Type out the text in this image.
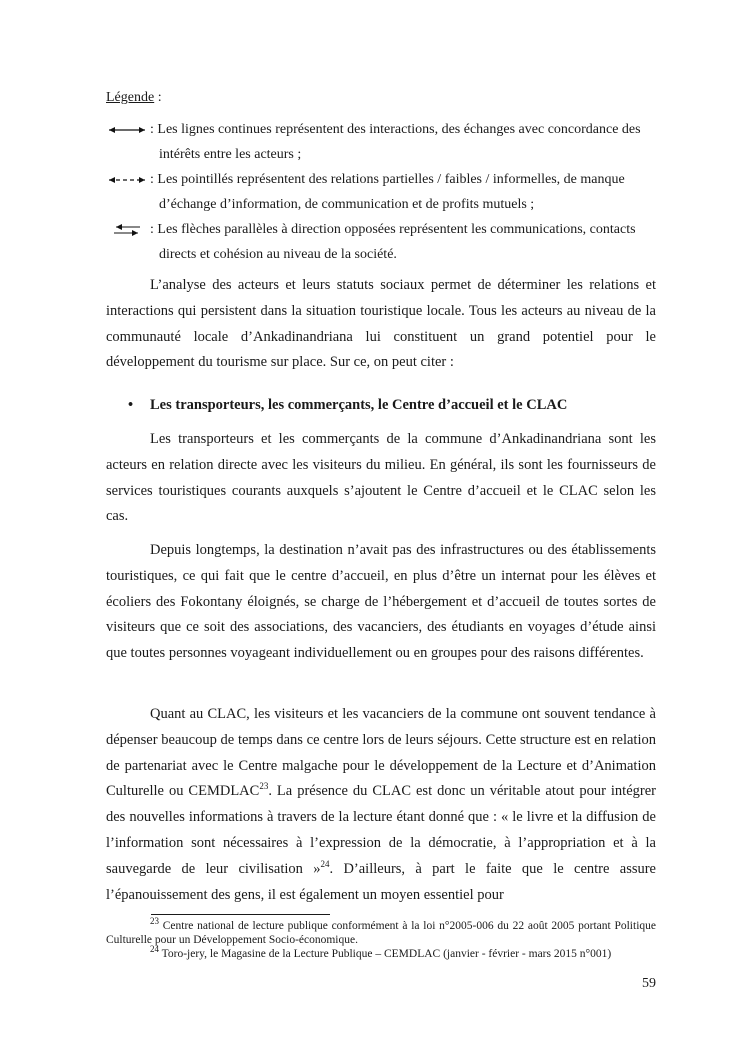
Légende :
: Les lignes continues représentent des interactions, des échanges avec concordance des
intérêts entre les acteurs ;
: Les pointillés représentent des relations partielles / faibles / informelles, de manque
d’échange d’information, de communication et de profits mutuels ;
: Les flèches parallèles à direction opposées représentent les communications, contacts
directs et cohésion au niveau de la société.

L’analyse des acteurs et leurs statuts sociaux permet de déterminer les relations et interactions qui persistent dans la situation touristique locale. Tous les acteurs au niveau de la communauté locale d’Ankadinandriana lui constituent un grand potentiel pour le développement du tourisme sur place. Sur ce, on peut citer :

• Les transporteurs, les commerçants, le Centre d’accueil et le CLAC

Les transporteurs et les commerçants de la commune d’Ankadinandriana sont les acteurs en relation directe avec les visiteurs du milieu. En général, ils sont les fournisseurs de services touristiques courants auxquels s’ajoutent le Centre d’accueil et le CLAC selon les cas.

Depuis longtemps, la destination n’avait pas des infrastructures ou des établissements touristiques, ce qui fait que le centre d’accueil, en plus d’être un internat pour les élèves et écoliers des Fokontany éloignés, se charge de l’hébergement et d’accueil de toutes sortes de visiteurs que ce soit des associations, des vacanciers, des étudiants en voyages d’étude ainsi que toutes personnes voyageant individuellement ou en groupes pour des raisons différentes.

Quant au CLAC, les visiteurs et les vacanciers de la commune ont souvent tendance à dépenser beaucoup de temps dans ce centre lors de leurs séjours. Cette structure est en relation de partenariat avec le Centre malgache pour le développement de la Lecture et d’Animation Culturelle ou CEMDLAC$^{23}$. La présence du CLAC est donc un véritable atout pour intégrer des nouvelles informations à travers de la lecture étant donné que : « le livre et la diffusion de l’information sont nécessaires à l’expression de la démocratie, à l’appropriation et à la sauvegarde de leur civilisation »$^{24}$. D’ailleurs, à part le faite que le centre assure l’épanouissement des gens, il est également un moyen essentiel pour

$^{23}$ Centre national de lecture publique conformément à la loi n°2005-006 du 22 août 2005 portant Politique Culturelle pour un Développement Socio-économique.

$^{24}$ Toro-jery, le Magasine de la Lecture Publique – CEMDLAC (janvier - février - mars 2015 n°001)

59
